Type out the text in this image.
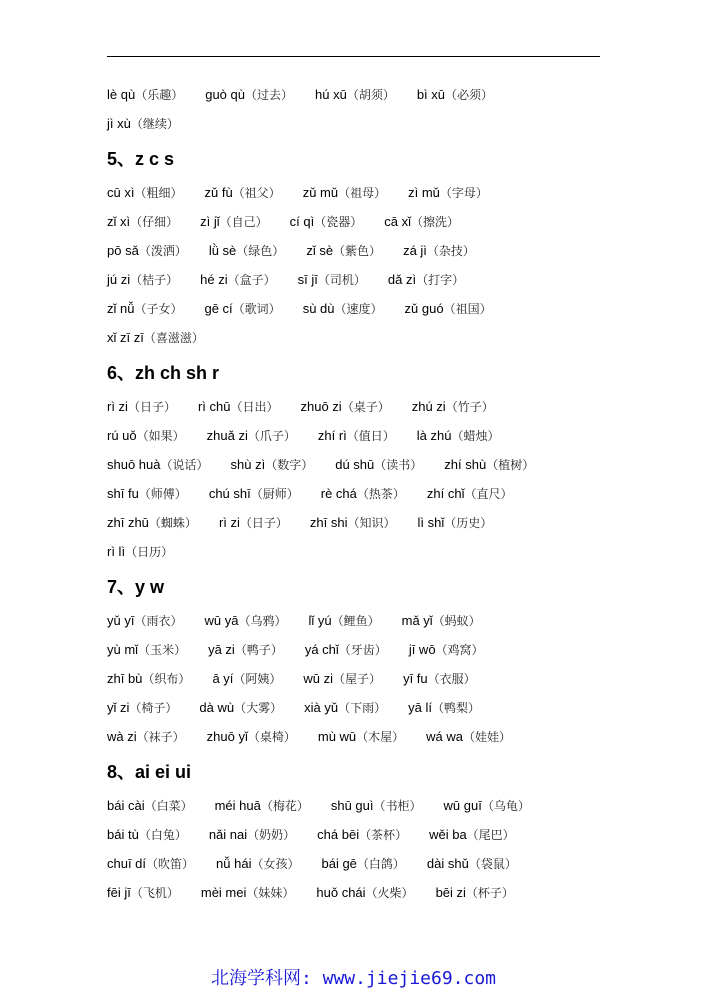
lè qù （乐趣） guò qù （过去） hú xū （胡须） bì xū （必须）
jì xù （继续）
5、z c s
cū xì （粗细） zǔ fù （祖父） zǔ mǔ （祖母） zì mǔ （字母）
zǐ xì （仔细） zì jǐ （自己） cí qì （瓷器） cā xǐ （擦洗）
pō sǎ （泼洒） lǜ sè （绿色） zǐ sè （紫色） zá jì （杂技）
jú zi （桔子） hé zi （盒子） sī jī （司机） dǎ zì （打字）
zǐ nǚ （子女） gē cí （歌词） sù dù （速度） zǔ guó （祖国）
xǐ zī zī （喜滋滋）
6、zh ch sh r
rì zi （日子） rì chū （日出） zhuō zi （桌子） zhú zi （竹子）
rú uǒ （如果） zhuǎ zi （爪子） zhí rì （值日） là zhú （蜡烛）
shuō huà （说话） shù zì （数字） dú shū （读书） zhí shù （植树）
shī fu （师傅） chú shī （厨师） rè chá （热茶） zhí chǐ （直尺）
zhī zhū （蜘蛛） rì zi （日子） zhī shi （知识） lì shǐ （历史）
rì lì （日历）
7、y w
yǔ yī （雨衣） wū yā （乌鸦） lǐ yú （鲤鱼） mǎ yǐ （蚂蚁）
yù mǐ （玉米） yā zi （鸭子） yá chǐ （牙齿） jī wō （鸡窝）
zhī bù （织布） ā yí （阿姨） wū zi （屋子） yī fu （衣服）
yǐ zi （椅子） dà wù （大雾） xià yǔ （下雨） yā lí （鸭梨）
wà zi （袜子） zhuō yǐ （桌椅） mù wū （木屋） wá wa （娃娃）
8、ai ei ui
bái cài （白菜） méi huā （梅花） shū guì （书柜） wū guī （乌龟）
bái tù （白兔） nǎi nai （奶奶） chá bēi （茶杯） wěi ba （尾巴）
chuī dí （吹笛） nǚ hái （女孩） bái gē （白鸽） dài shǔ （袋鼠）
fēi jī （飞机） mèi mei （妹妹） huǒ chái （火柴） bēi zi （杯子）
北海学科网: www.jiejie69.com
